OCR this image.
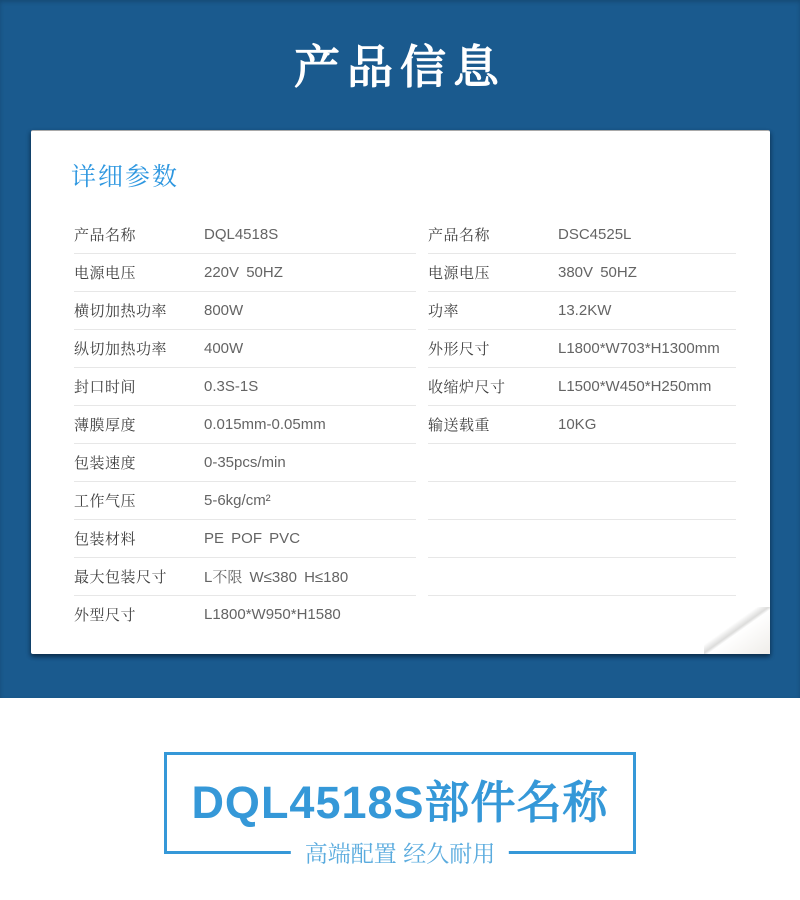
产品信息
详细参数
产品名称	DQL4518S
电源电压	220V 50HZ
横切加热功率	800W
纵切加热功率	400W
封口时间	0.3S-1S
薄膜厚度	0.015mm-0.05mm
包装速度	0-35pcs/min
工作气压	5-6kg/cm²
包装材料	PE POF PVC
最大包装尺寸	L不限 W≤380 H≤180
外型尺寸	L1800*W950*H1580
产品名称	DSC4525L
电源电压	380V 50HZ
功率	13.2KW
外形尺寸	L1800*W703*H1300mm
收缩炉尺寸	L1500*W450*H250mm
输送载重	10KG
DQL4518S部件名称
高端配置 经久耐用
